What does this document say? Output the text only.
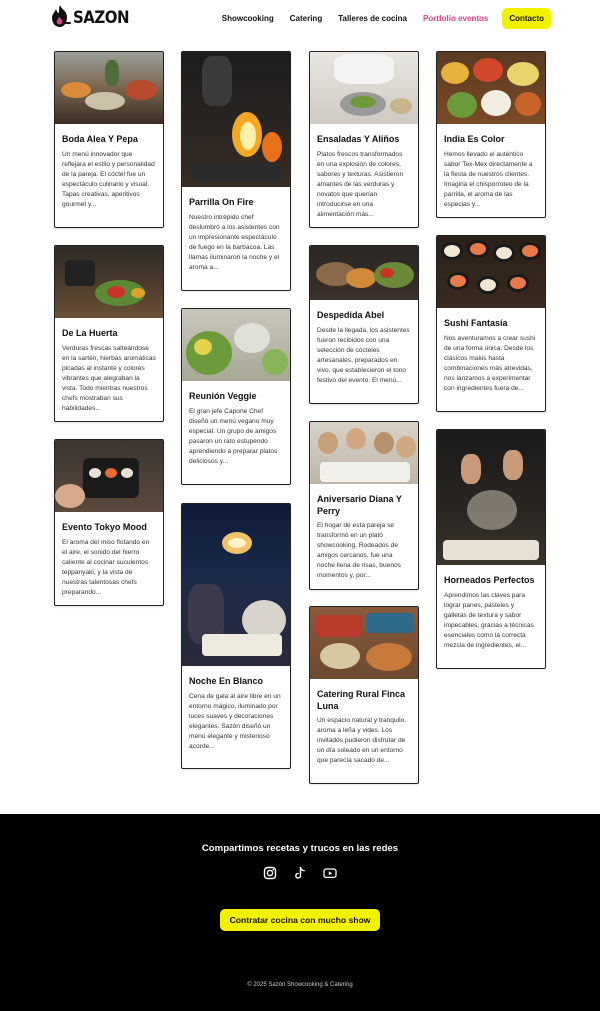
SAZON	Showcooking Catering Talleres de cocina Portfolio eventos	Contacto
Boda Alea Y Pepa
Un menú innovador que reflejara el estilo y personalidad de la pareja. El cóctel fue un espectáculo culinario y visual. Tapas creativas, aperitivos gourmet y...
De La Huerta
Verduras frescas salteándose en la sartén, hierbas aromáticas picadas al instante y colores vibrantes que alegraban la vista. Todo mientras nuestros chefs mostraban sus habilidades...
Evento Tokyo Mood
El aroma del miso flotando en el aire, el sonido del hierro caliente al cocinar suculentos teppanyaki, y la vista de nuestras talentosas chefs preparando...
Parrilla On Fire
Nuestro intrépido chef deslumbró a los asistentes con un impresionante espectáculo de fuego en la barbacoa. Las llamas iluminaron la noche y el aroma a...
Reunión Veggie
El gran jefe Capone Chef diseñó un menú vegano muy especial. Un grupo de amigos pasaron un rato estupendo aprendiendo a preparar platos deliciosos y...
Noche En Blanco
Cena de gala al aire libre en un entorno mágico, iluminado por luces suaves y decoraciones elegantes. Sazón diseñó un menú elegante y misterioso acorde...
Ensaladas Y Aliños
Platos frescos transformados en una explosión de colores, sabores y texturas. Asistieron amantes de las verduras y novatos que querían introducirse en una alimentación más...
Despedida Abel
Desde la llegada, los asistentes fueron recibidos con una selección de cócteles artesanales, preparados en vivo, que establecieron el tono festivo del evento. El menú...
Aniversario Diana Y Perry
El hogar de esta pareja se transformó en un plató showcooking. Rodeados de amigos cercanos, fue una noche llena de risas, buenos momentos y, por...
Catering Rural Finca Luna
Un espacio natural y tranquilo, aroma a leña y vides. Los invitados pudieron disfrutar de un día soleado en un entorno que parecía sacado de...
India Es Color
Hemos llevado el auténtico sabor Tex-Mex directamente a la fiesta de nuestros clientes. Imagina el chisporroteo de la parrilla, el aroma de las especias y...
Sushi Fantasía
Nos aventuramos a crear sushi de una forma única. Desde los clásicos makis hasta combinaciones más atrevidas, nos lanzamos a experimentar con ingredientes fuera de...
Horneados Perfectos
Aprendimos las claves para lograr panes, pasteles y galletas de textura y sabor impecables, gracias a técnicas esenciales como la correcta mezcla de ingredientes, el...
Compartimos recetas y trucos en las redes
Contratar cocina con mucho show
© 2025 Sazón Showcooking & Catering
